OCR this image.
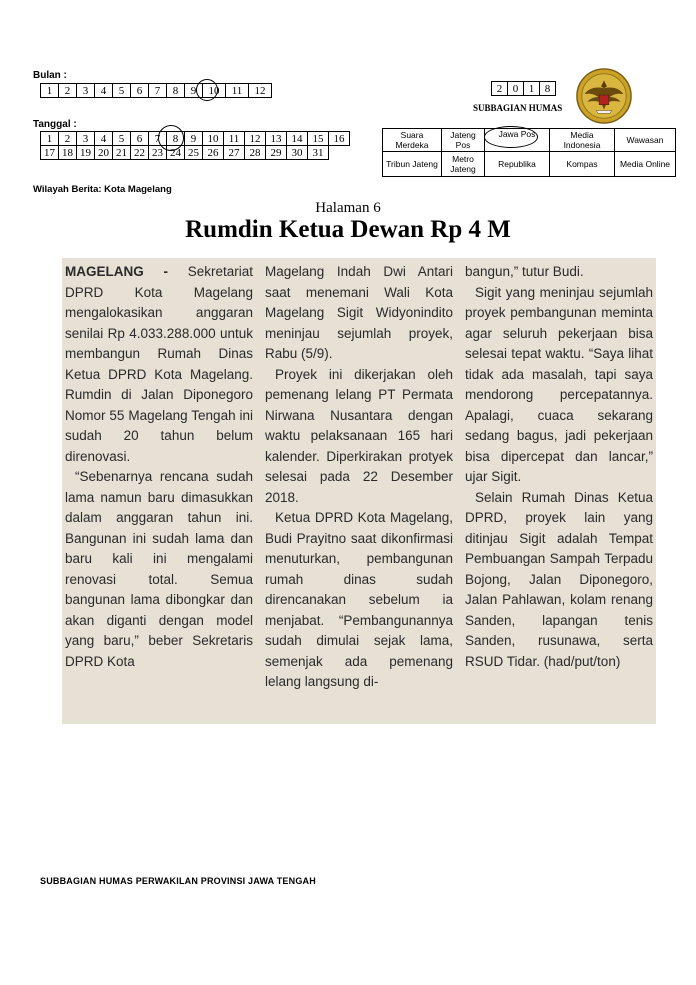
Bulan :
1	2	3	4	5	6	7	8	9	10	11	12
Tanggal :
1	2	3	4	5	6	7	8	9	10	11	12	13	14	15	16
17	18	19	20	21	22	23	24	25	26	27	28	29	30	31	
2	0	1	8
SUBBAGIAN HUMAS
Suara Merdeka	Jateng Pos	Jawa Pos	Media Indonesia	Wawasan
Tribun Jateng	Metro Jateng	Republika	Kompas	Media Online
Wilayah Berita: Kota Magelang
Halaman 6
Rumdin Ketua Dewan Rp 4 M

MAGELANG - Sekretariat DPRD Kota Magelang mengalokasikan anggaran senilai Rp 4.033.288.000 untuk membangun Rumah Dinas Ketua DPRD Kota Magelang. Rumdin di Jalan Diponegoro Nomor 55 Magelang Tengah ini sudah 20 tahun belum direnovasi.

“Sebenarnya rencana sudah lama namun baru dimasukkan dalam anggaran tahun ini. Bangunan ini sudah lama dan baru kali ini mengalami renovasi total. Semua bangunan lama dibongkar dan akan diganti dengan model yang baru,” beber Sekretaris DPRD Kota

Magelang Indah Dwi Antari saat menemani Wali Kota Magelang Sigit Widyonindito meninjau sejumlah proyek, Rabu (5/9).

Proyek ini dikerjakan oleh pemenang lelang PT Permata Nirwana Nusantara dengan waktu pelaksanaan 165 hari kalender. Diperkirakan protyek selesai pada 22 Desember 2018.

Ketua DPRD Kota Magelang, Budi Prayitno saat dikonfirmasi menuturkan, pembangunan rumah dinas sudah direncanakan sebelum ia menjabat. “Pembangunannya sudah dimulai sejak lama, semenjak ada pemenang lelang langsung di-

bangun,” tutur Budi.

Sigit yang meninjau sejumlah proyek pembangunan meminta agar seluruh pekerjaan bisa selesai tepat waktu. “Saya lihat tidak ada masalah, tapi saya mendorong percepatannya. Apalagi, cuaca sekarang sedang bagus, jadi pekerjaan bisa dipercepat dan lancar,” ujar Sigit.

Selain Rumah Dinas Ketua DPRD, proyek lain yang ditinjau Sigit adalah Tempat Pembuangan Sampah Terpadu Bojong, Jalan Diponegoro, Jalan Pahlawan, kolam renang Sanden, lapangan tenis Sanden, rusunawa, serta RSUD Tidar. (had/put/ton)

SUBBAGIAN HUMAS PERWAKILAN PROVINSI JAWA TENGAH
